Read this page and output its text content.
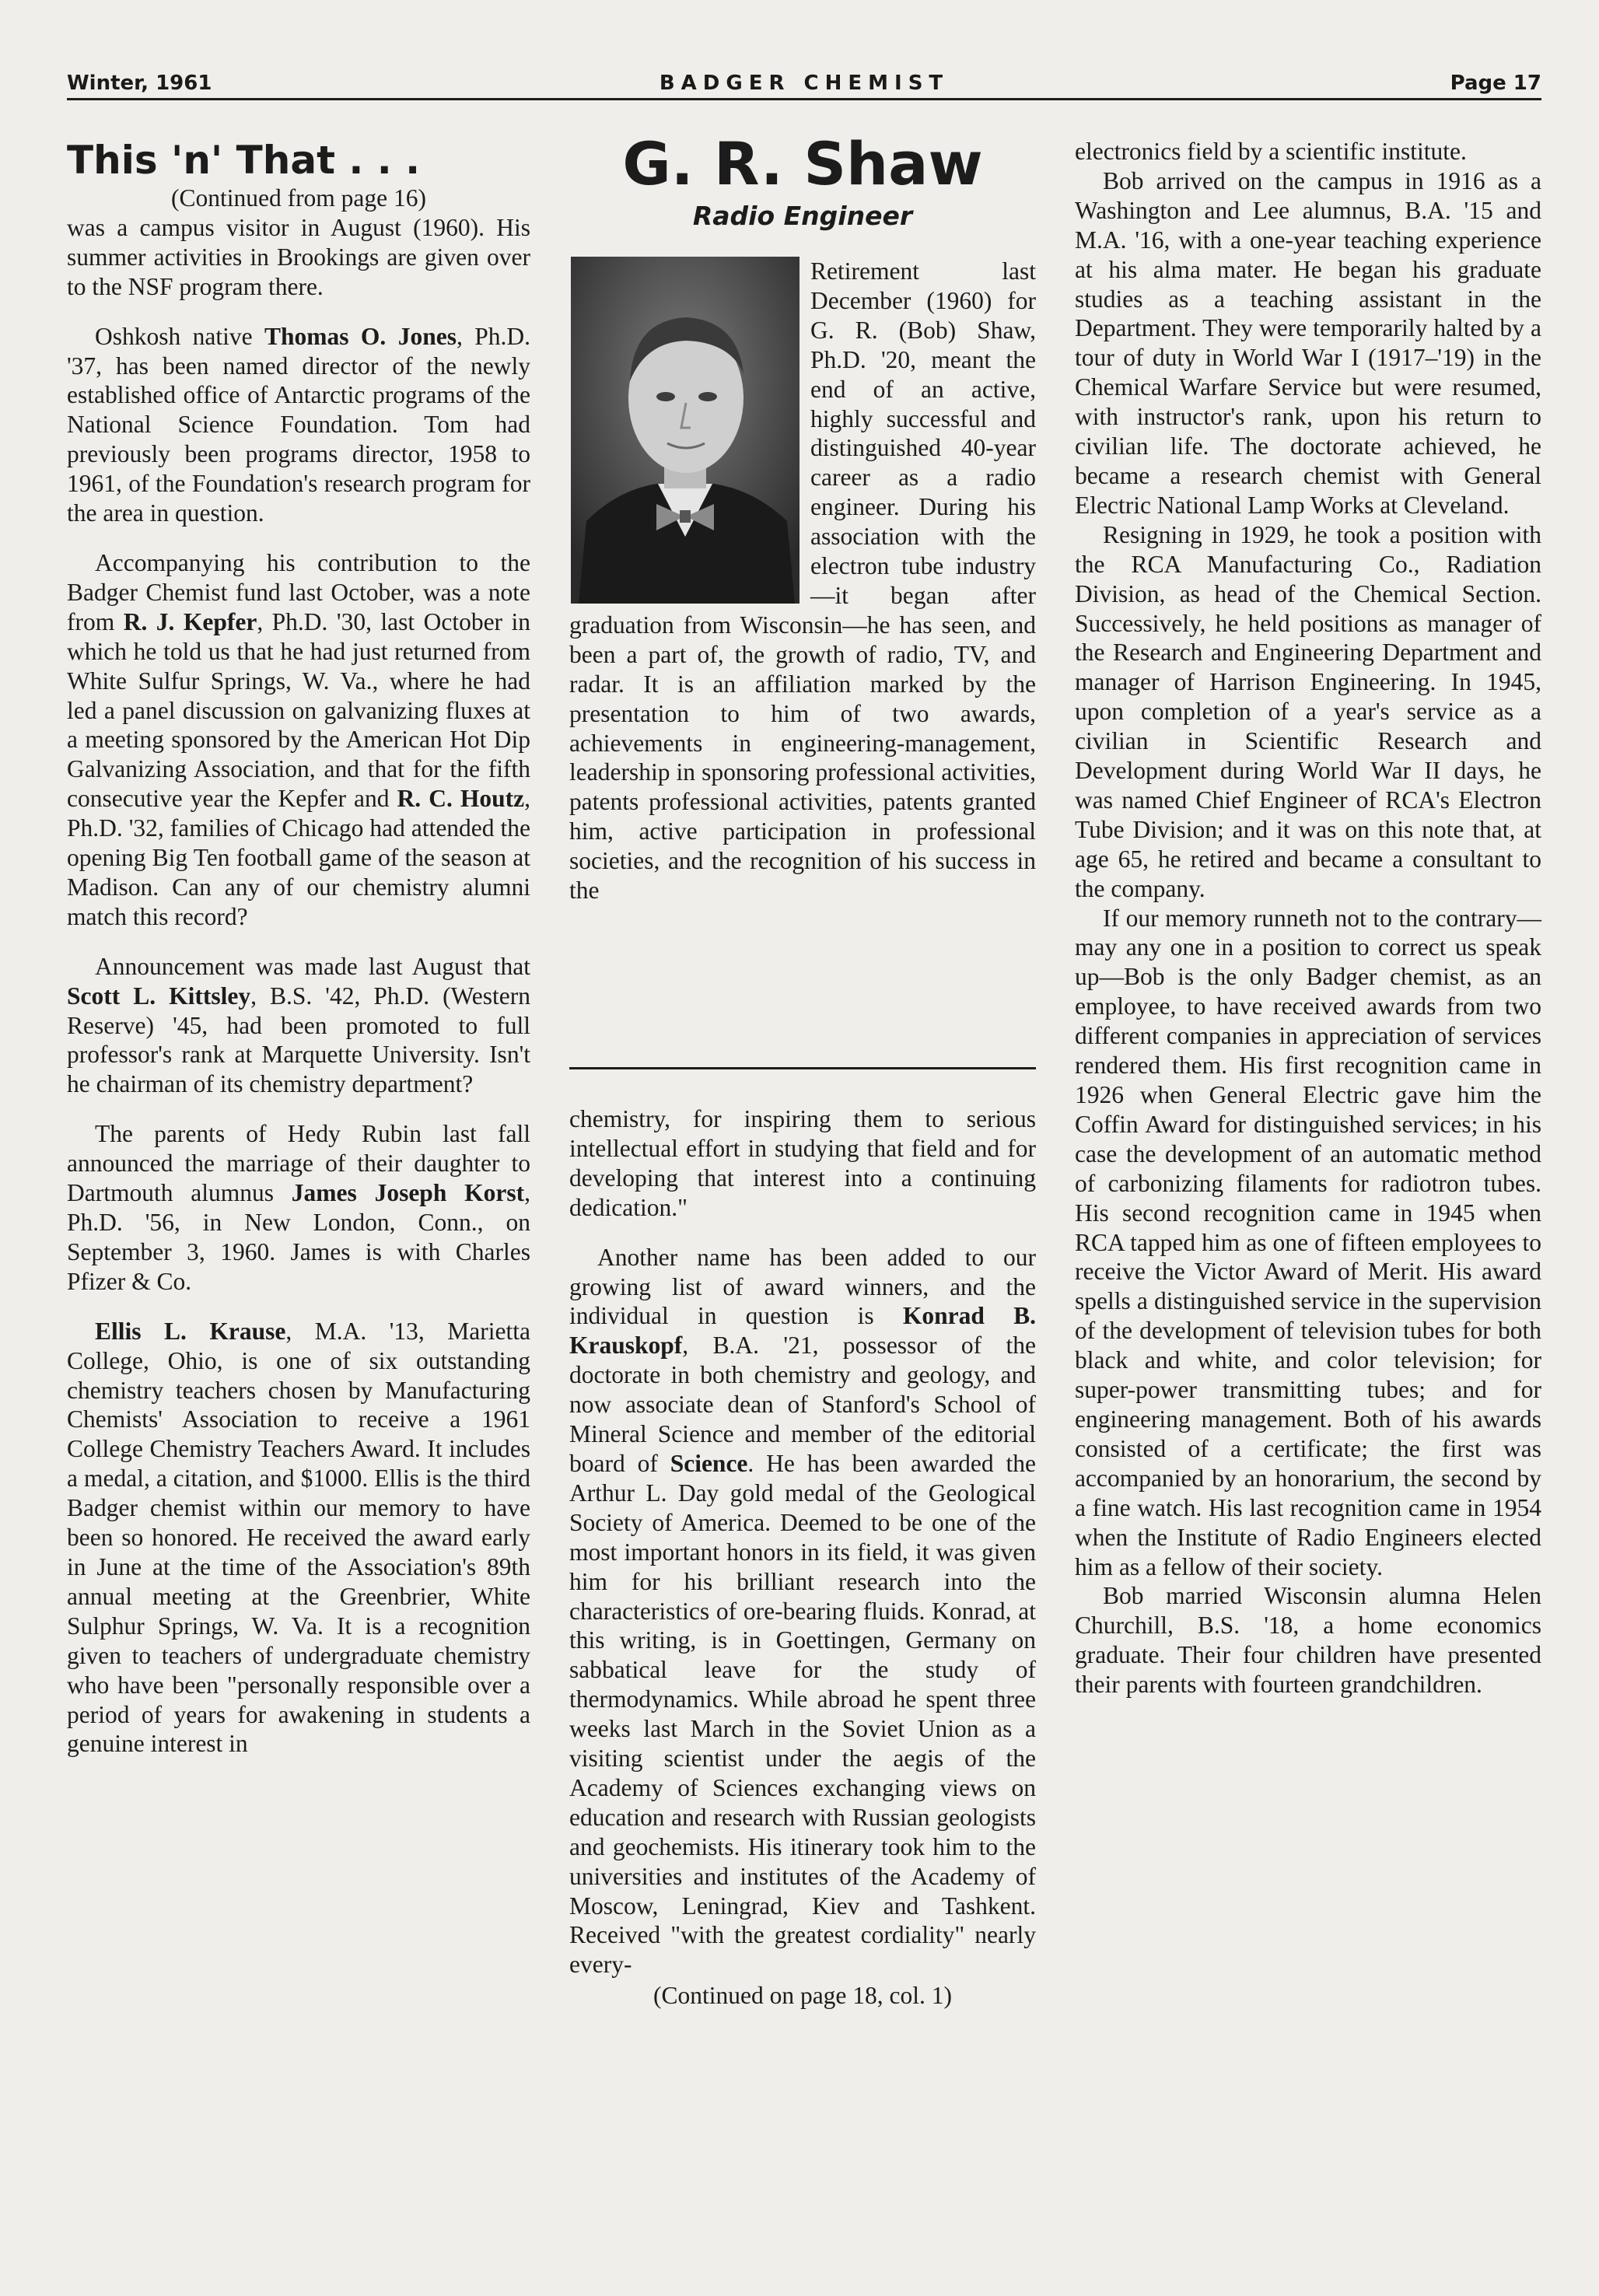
Winter, 1961	BADGER CHEMIST	Page 17
This 'n' That . . .

(Continued from page 16)

was a campus visitor in August (1960). His summer activities in Brookings are given over to the NSF program there.

Oshkosh native Thomas O. Jones, Ph.D. '37, has been named director of the newly established office of Antarctic programs of the National Science Foundation. Tom had previously been programs director, 1958 to 1961, of the Foundation's research program for the area in question.

Accompanying his contribution to the Badger Chemist fund last October, was a note from R. J. Kepfer, Ph.D. '30, last October in which he told us that he had just returned from White Sulfur Springs, W. Va., where he had led a panel discussion on galvanizing fluxes at a meeting sponsored by the American Hot Dip Galvanizing Association, and that for the fifth consecutive year the Kepfer and R. C. Houtz, Ph.D. '32, families of Chicago had attended the opening Big Ten football game of the season at Madison. Can any of our chemistry alumni match this record?

Announcement was made last August that Scott L. Kittsley, B.S. '42, Ph.D. (Western Reserve) '45, had been promoted to full professor's rank at Marquette University. Isn't he chairman of its chemistry department?

The parents of Hedy Rubin last fall announced the marriage of their daughter to Dartmouth alumnus James Joseph Korst, Ph.D. '56, in New London, Conn., on September 3, 1960. James is with Charles Pfizer & Co.

Ellis L. Krause, M.A. '13, Marietta College, Ohio, is one of six outstanding chemistry teachers chosen by Manufacturing Chemists' Association to receive a 1961 College Chemistry Teachers Award. It includes a medal, a citation, and $1000. Ellis is the third Badger chemist within our memory to have been so honored. He received the award early in June at the time of the Association's 89th annual meeting at the Greenbrier, White Sulphur Springs, W. Va. It is a recognition given to teachers of undergraduate chemistry who have been "personally responsible over a period of years for awakening in students a genuine interest in

G. R. Shaw
Radio Engineer

Retirement last December (1960) for G. R. (Bob) Shaw, Ph.D. '20, meant the end of an active, highly successful and distinguished 40-year career as a radio engineer. During his association with the electron tube industry—it began after graduation from Wisconsin—he has seen, and been a part of, the growth of radio, TV, and radar. It is an affiliation marked by the presentation to him of two awards, achievements in engineering-management, leadership in sponsoring professional activities, patents professional activities, patents granted him, active participation in professional societies, and the recognition of his success in the

chemistry, for inspiring them to serious intellectual effort in studying that field and for developing that interest into a continuing dedication."

Another name has been added to our growing list of award winners, and the individual in question is Konrad B. Krauskopf, B.A. '21, possessor of the doctorate in both chemistry and geology, and now associate dean of Stanford's School of Mineral Science and member of the editorial board of Science. He has been awarded the Arthur L. Day gold medal of the Geological Society of America. Deemed to be one of the most important honors in its field, it was given him for his brilliant research into the characteristics of ore-bearing fluids. Konrad, at this writing, is in Goettingen, Germany on sabbatical leave for the study of thermodynamics. While abroad he spent three weeks last March in the Soviet Union as a visiting scientist under the aegis of the Academy of Sciences exchanging views on education and research with Russian geologists and geochemists. His itinerary took him to the universities and institutes of the Academy of Moscow, Leningrad, Kiev and Tashkent. Received "with the greatest cordiality" nearly every-

(Continued on page 18, col. 1)

electronics field by a scientific institute.

Bob arrived on the campus in 1916 as a Washington and Lee alumnus, B.A. '15 and M.A. '16, with a one-year teaching experience at his alma mater. He began his graduate studies as a teaching assistant in the Department. They were temporarily halted by a tour of duty in World War I (1917–'19) in the Chemical Warfare Service but were resumed, with instructor's rank, upon his return to civilian life. The doctorate achieved, he became a research chemist with General Electric National Lamp Works at Cleveland.

Resigning in 1929, he took a position with the RCA Manufacturing Co., Radiation Division, as head of the Chemical Section. Successively, he held positions as manager of the Research and Engineering Department and manager of Harrison Engineering. In 1945, upon completion of a year's service as a civilian in Scientific Research and Development during World War II days, he was named Chief Engineer of RCA's Electron Tube Division; and it was on this note that, at age 65, he retired and became a consultant to the company.

If our memory runneth not to the contrary—may any one in a position to correct us speak up—Bob is the only Badger chemist, as an employee, to have received awards from two different companies in appreciation of services rendered them. His first recognition came in 1926 when General Electric gave him the Coffin Award for distinguished services; in his case the development of an automatic method of carbonizing filaments for radiotron tubes. His second recognition came in 1945 when RCA tapped him as one of fifteen employees to receive the Victor Award of Merit. His award spells a distinguished service in the supervision of the development of television tubes for both black and white, and color television; for super-power transmitting tubes; and for engineering management. Both of his awards consisted of a certificate; the first was accompanied by an honorarium, the second by a fine watch. His last recognition came in 1954 when the Institute of Radio Engineers elected him as a fellow of their society.

Bob married Wisconsin alumna Helen Churchill, B.S. '18, a home economics graduate. Their four children have presented their parents with fourteen grandchildren.
